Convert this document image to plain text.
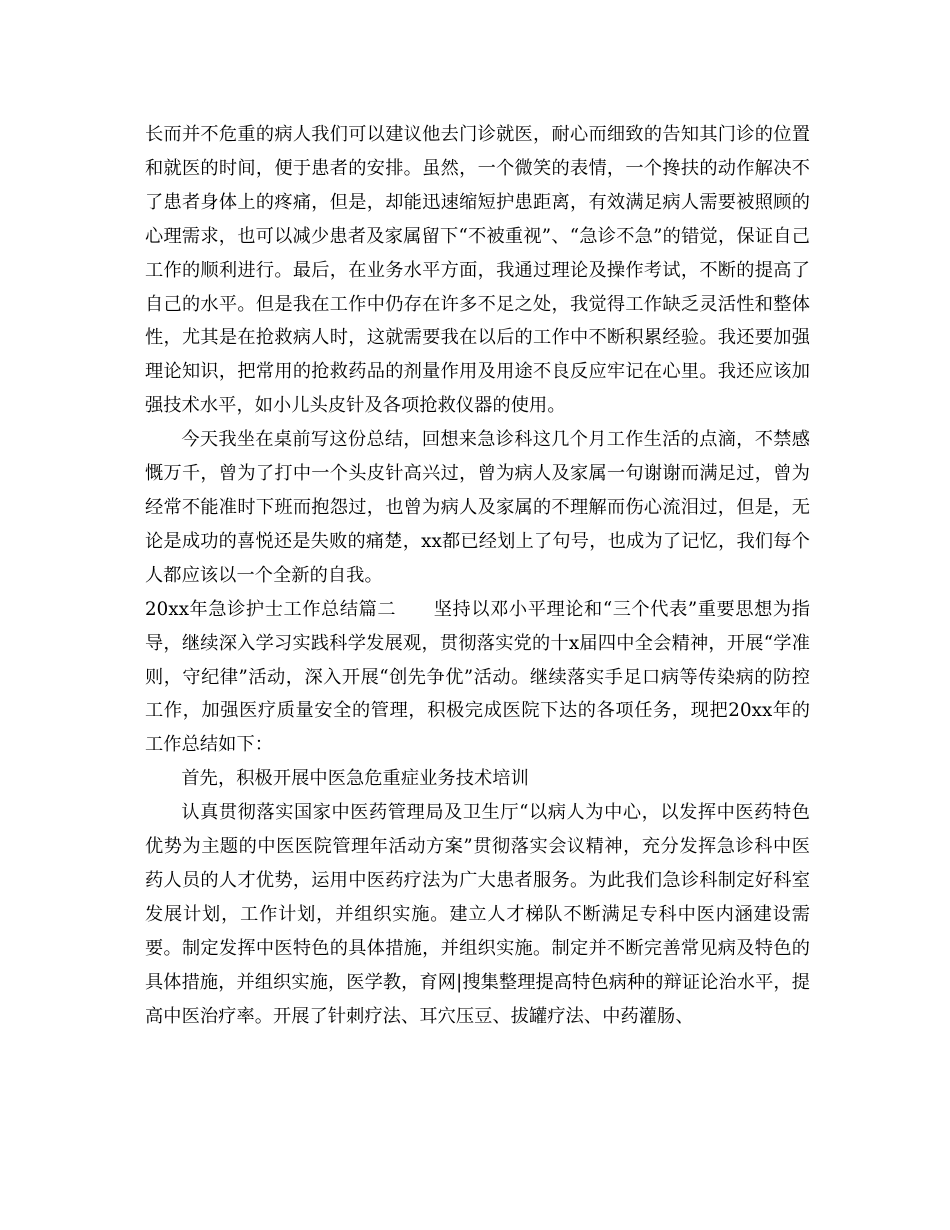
长而并不危重的病人我们可以建议他去门诊就医，耐心而细致的告知其门诊的位置和就医的时间，便于患者的安排。虽然，一个微笑的表情，一个搀扶的动作解决不了患者身体上的疼痛，但是，却能迅速缩短护患距离，有效满足病人需要被照顾的心理需求，也可以减少患者及家属留下“不被重视”、“急诊不急”的错觉，保证自己工作的顺利进行。最后，在业务水平方面，我通过理论及操作考试，不断的提高了自己的水平。但是我在工作中仍存在许多不足之处，我觉得工作缺乏灵活性和整体性，尤其是在抢救病人时，这就需要我在以后的工作中不断积累经验。我还要加强理论知识，把常用的抢救药品的剂量作用及用途不良反应牢记在心里。我还应该加强技术水平，如小儿头皮针及各项抢救仪器的使用。

今天我坐在桌前写这份总结，回想来急诊科这几个月工作生活的点滴，不禁感慨万千，曾为了打中一个头皮针高兴过，曾为病人及家属一句谢谢而满足过，曾为经常不能准时下班而抱怨过，也曾为病人及家属的不理解而伤心流泪过，但是，无论是成功的喜悦还是失败的痛楚，xx都已经划上了句号，也成为了记忆，我们每个人都应该以一个全新的自我。

20xx年急诊护士工作总结篇二　　坚持以邓小平理论和“三个代表”重要思想为指导，继续深入学习实践科学发展观，贯彻落实党的十x届四中全会精神，开展“学准则，守纪律”活动，深入开展“创先争优”活动。继续落实手足口病等传染病的防控工作，加强医疗质量安全的管理，积极完成医院下达的各项任务，现把20xx年的工作总结如下：

首先，积极开展中医急危重症业务技术培训

认真贯彻落实国家中医药管理局及卫生厅“以病人为中心，以发挥中医药特色优势为主题的中医医院管理年活动方案”贯彻落实会议精神，充分发挥急诊科中医药人员的人才优势，运用中医药疗法为广大患者服务。为此我们急诊科制定好科室发展计划，工作计划，并组织实施。建立人才梯队不断满足专科中医内涵建设需要。制定发挥中医特色的具体措施，并组织实施。制定并不断完善常见病及特色的具体措施，并组织实施，医学教，育网|搜集整理提高特色病种的辩证论治水平，提高中医治疗率。开展了针刺疗法、耳穴压豆、拔罐疗法、中药灌肠、
